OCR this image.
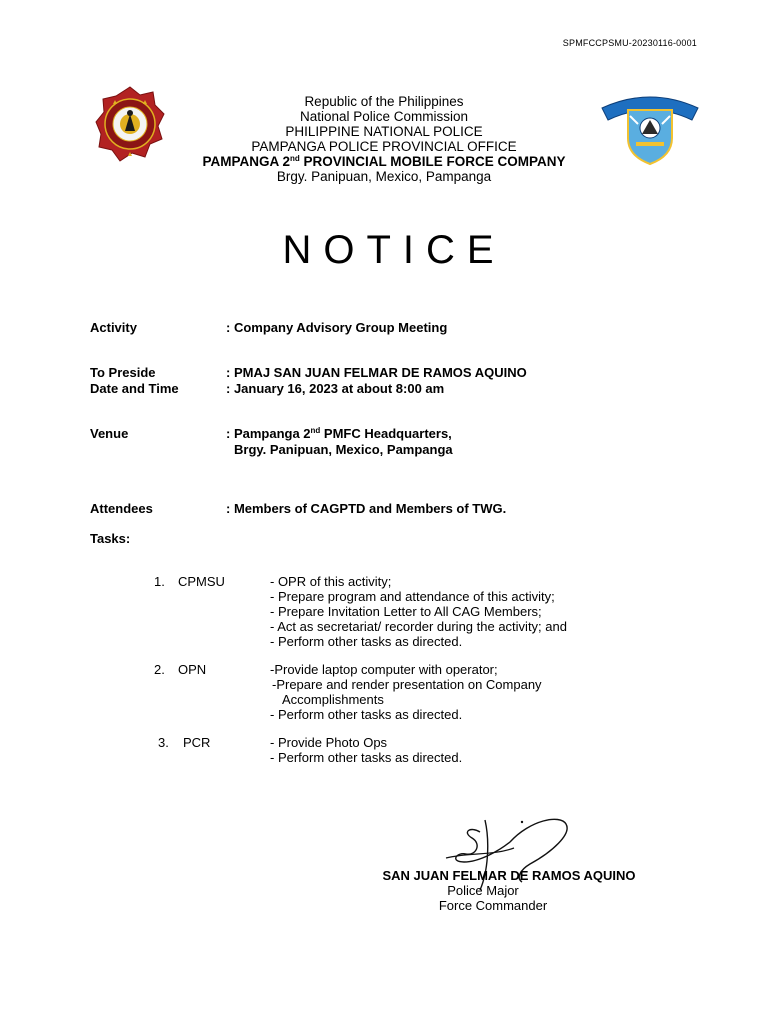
SPMFCCPSMU-20230116-0001
Republic of the Philippines
National Police Commission
PHILIPPINE NATIONAL POLICE
PAMPANGA POLICE PROVINCIAL OFFICE
PAMPANGA 2nd PROVINCIAL MOBILE FORCE COMPANY
Brgy. Panipuan, Mexico, Pampanga
NOTICE
Activity	: Company Advisory Group Meeting
To Preside	: PMAJ SAN JUAN FELMAR DE RAMOS AQUINO
Date and Time	: January 16, 2023 at about 8:00 am
Venue	: Pampanga 2nd PMFC Headquarters,
Brgy. Panipuan, Mexico, Pampanga
Attendees	: Members of CAGPTD and Members of TWG.
Tasks:
1. CPMSU	- OPR of this activity;
- Prepare program and attendance of this activity;
- Prepare Invitation Letter to All CAG Members;
- Act as secretariat/ recorder during the activity; and
- Perform other tasks as directed.
2. OPN	-Provide laptop computer with operator;
-Prepare and render presentation on Company
Accomplishments
- Perform other tasks as directed.
3. PCR	- Provide Photo Ops
- Perform other tasks as directed.
SAN JUAN FELMAR DE RAMOS AQUINO
Police Major
Force Commander
